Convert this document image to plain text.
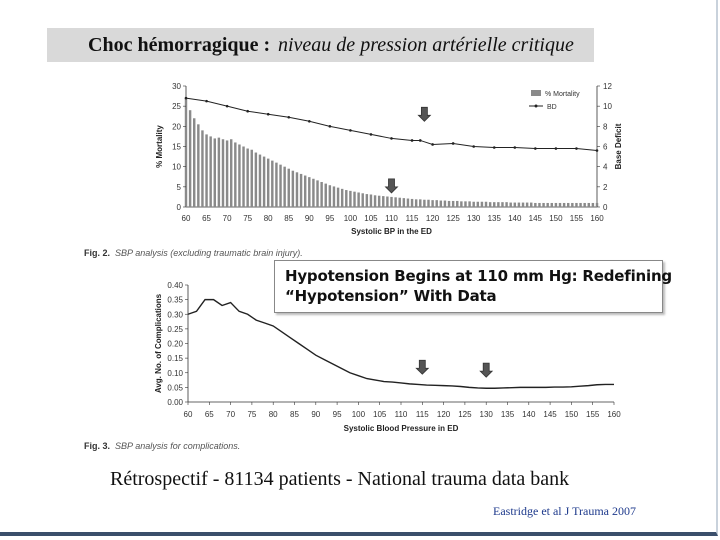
Choc hémorragique : niveau de pression artérielle critique
0
5
10
15
20
25
30
0
2
4
6
8
10
12
60 65 70 75 80 85 90 95 100 105 110 115 120 125 130 135 140 145 150 155 160
Systolic BP in the ED
% Mortality	Base Deficit
% Mortality
BD
0.00
0.05
0.10
0.15
0.20
0.25
0.30
0.35
0.40
60 65 70 75 80 85 90 95 100 105 110 115 120 125 130 135 140 145 150 155 160
Systolic Blood Pressure in ED
Avg. No. of Complications
Fig. 2. SBP analysis (excluding traumatic brain injury).
Hypotension Begins at 110 mm Hg: Redefining
“Hypotension” With Data
Fig. 3. SBP analysis for complications.
Rétrospectif - 81134 patients - National trauma data bank
Eastridge et al J Trauma 2007
